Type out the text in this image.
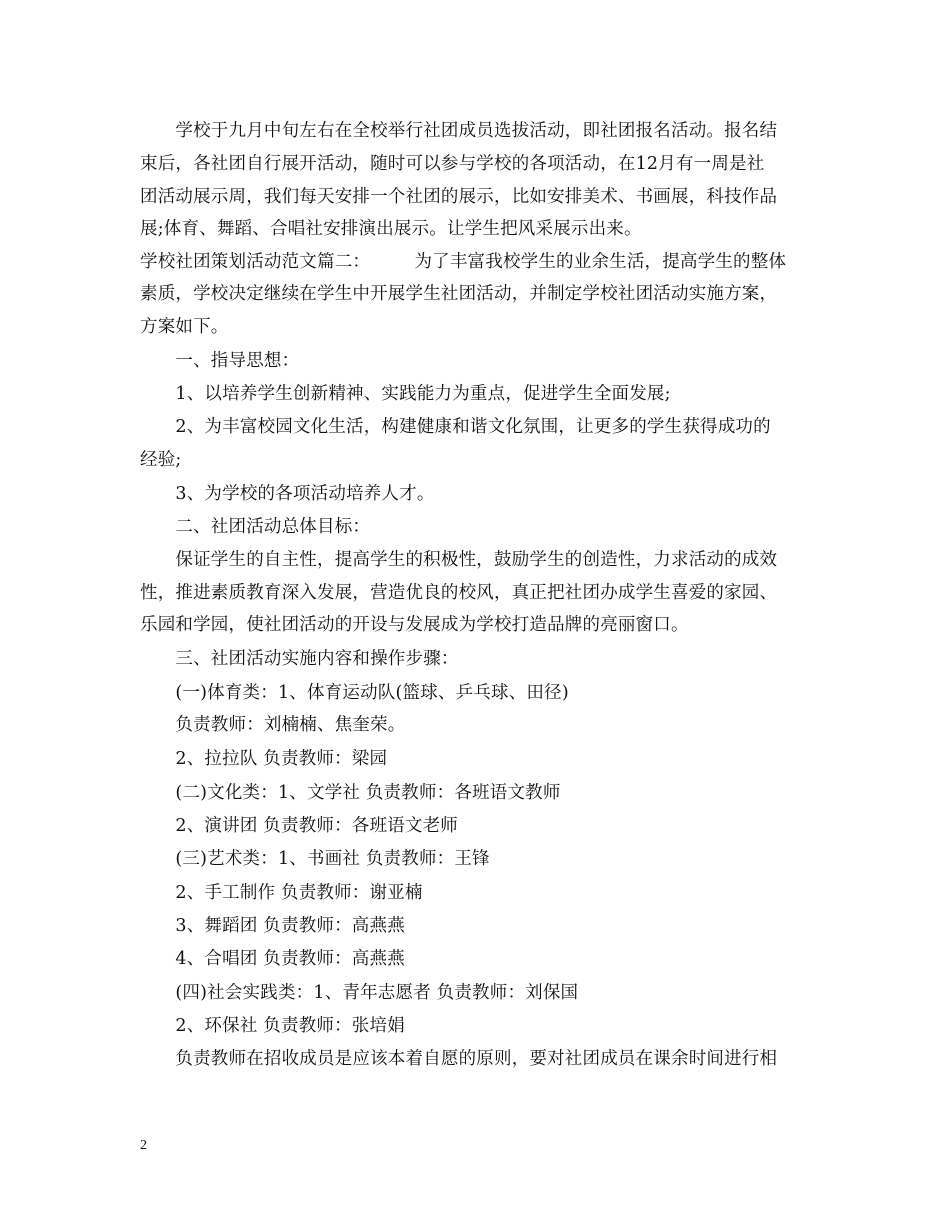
　　学校于九月中旬左右在全校举行社团成员选拔活动，即社团报名活动。报名结
束后，各社团自行展开活动，随时可以参与学校的各项活动，在12月有一周是社
团活动展示周，我们每天安排一个社团的展示，比如安排美术、书画展，科技作品
展;体育、舞蹈、合唱社安排演出展示。让学生把风采展示出来。
学校社团策划活动范文篇二：　　　为了丰富我校学生的业余生活，提高学生的整体
素质，学校决定继续在学生中开展学生社团活动，并制定学校社团活动实施方案，
方案如下。
　　一、指导思想：
　　1、以培养学生创新精神、实践能力为重点，促进学生全面发展;
　　2、为丰富校园文化生活，构建健康和谐文化氛围，让更多的学生获得成功的
经验;
　　3、为学校的各项活动培养人才。
　　二、社团活动总体目标：
　　保证学生的自主性，提高学生的积极性，鼓励学生的创造性，力求活动的成效
性，推进素质教育深入发展，营造优良的校风，真正把社团办成学生喜爱的家园、
乐园和学园，使社团活动的开设与发展成为学校打造品牌的亮丽窗口。
　　三、社团活动实施内容和操作步骤：
　　(一)体育类：1、体育运动队(篮球、乒乓球、田径)
　　负责教师：刘楠楠、焦奎荣。
　　2、拉拉队 负责教师：梁园
　　(二)文化类：1、文学社 负责教师：各班语文教师
　　2、演讲团 负责教师：各班语文老师
　　(三)艺术类：1、书画社 负责教师：王锋
　　2、手工制作 负责教师：谢亚楠
　　3、舞蹈团 负责教师：高燕燕
　　4、合唱团 负责教师：高燕燕
　　(四)社会实践类：1、青年志愿者 负责教师：刘保国
　　2、环保社 负责教师：张培娟
　　负责教师在招收成员是应该本着自愿的原则，要对社团成员在课余时间进行相
2
